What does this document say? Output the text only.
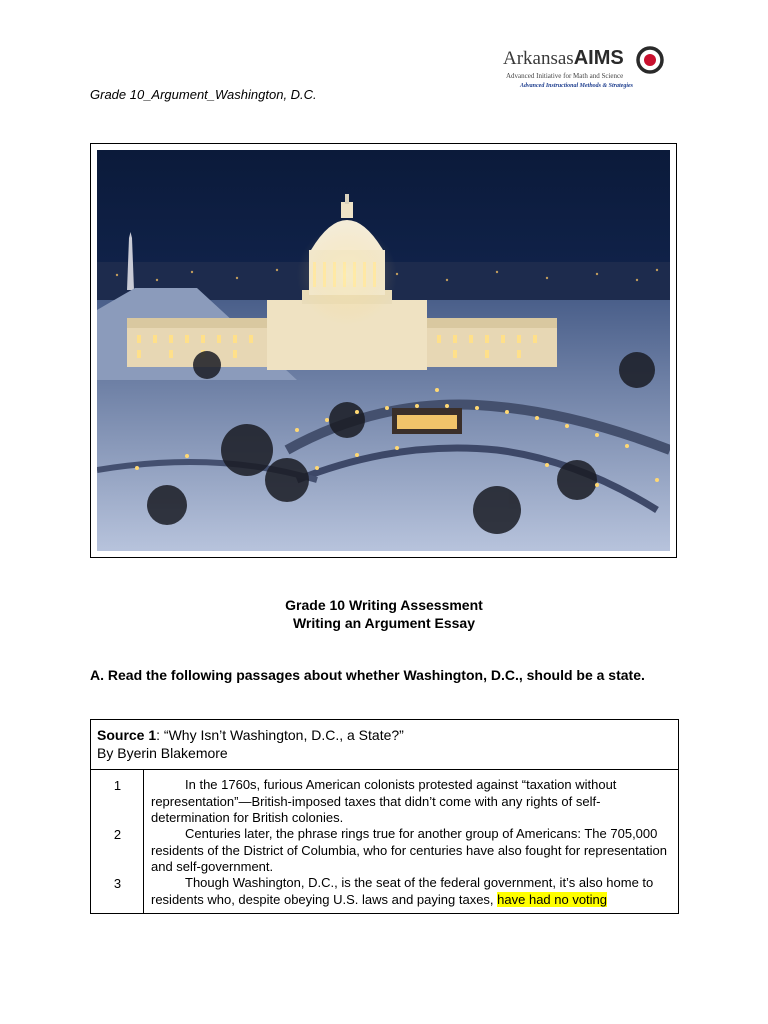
Grade 10_Argument_Washington, D.C.
ArkansasAIMS
Advanced Initiative for Math and Science
Advanced Instructional Methods & Strategies
Grade 10 Writing Assessment
Writing an Argument Essay
A. Read the following passages about whether Washington, D.C., should be a state.
Source 1: “Why Isn’t Washington, D.C., a State?”
By Byerin Blakemore
1
2
3

In the 1760s, furious American colonists protested against “taxation without representation”—British-imposed taxes that didn’t come with any rights of self-determination for British colonies.

Centuries later, the phrase rings true for another group of Americans: The 705,000 residents of the District of Columbia, who for centuries have also fought for representation and self-government.

Though Washington, D.C., is the seat of the federal government, it’s also home to residents who, despite obeying U.S. laws and paying taxes, have had no voting
